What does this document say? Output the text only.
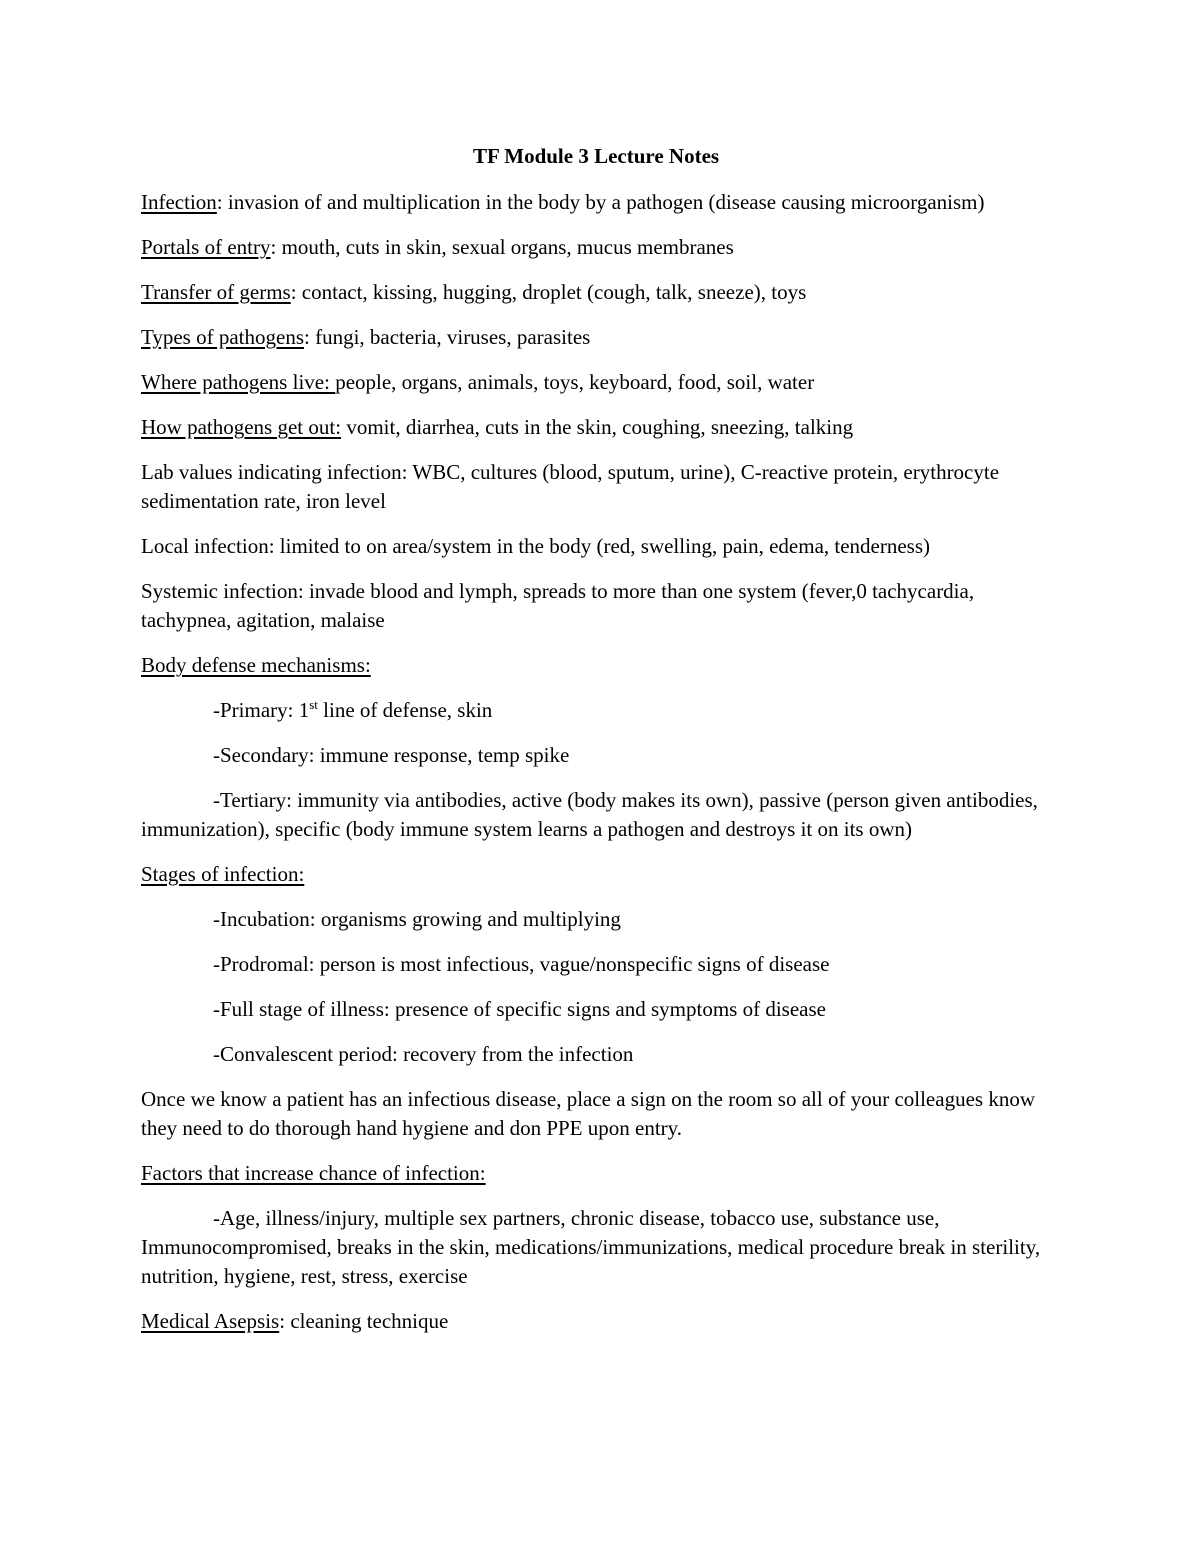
TF Module 3 Lecture Notes

Infection: invasion of and multiplication in the body by a pathogen (disease causing microorganism)

Portals of entry: mouth, cuts in skin, sexual organs, mucus membranes

Transfer of germs: contact, kissing, hugging, droplet (cough, talk, sneeze), toys

Types of pathogens: fungi, bacteria, viruses, parasites

Where pathogens live: people, organs, animals, toys, keyboard, food, soil, water

How pathogens get out: vomit, diarrhea, cuts in the skin, coughing, sneezing, talking

Lab values indicating infection: WBC, cultures (blood, sputum, urine), C-reactive protein, erythrocyte sedimentation rate, iron level

Local infection: limited to on area/system in the body (red, swelling, pain, edema, tenderness)

Systemic infection: invade blood and lymph, spreads to more than one system (fever,0 tachycardia, tachypnea, agitation, malaise

Body defense mechanisms:

-Primary: 1st line of defense, skin

-Secondary: immune response, temp spike

-Tertiary: immunity via antibodies, active (body makes its own), passive (person given antibodies, immunization), specific (body immune system learns a pathogen and destroys it on its own)

Stages of infection:

-Incubation: organisms growing and multiplying

-Prodromal: person is most infectious, vague/nonspecific signs of disease

-Full stage of illness: presence of specific signs and symptoms of disease

-Convalescent period: recovery from the infection

Once we know a patient has an infectious disease, place a sign on the room so all of your colleagues know they need to do thorough hand hygiene and don PPE upon entry.

Factors that increase chance of infection:

-Age, illness/injury, multiple sex partners, chronic disease, tobacco use, substance use, Immunocompromised, breaks in the skin, medications/immunizations, medical procedure break in sterility, nutrition, hygiene, rest, stress, exercise

Medical Asepsis: cleaning technique
